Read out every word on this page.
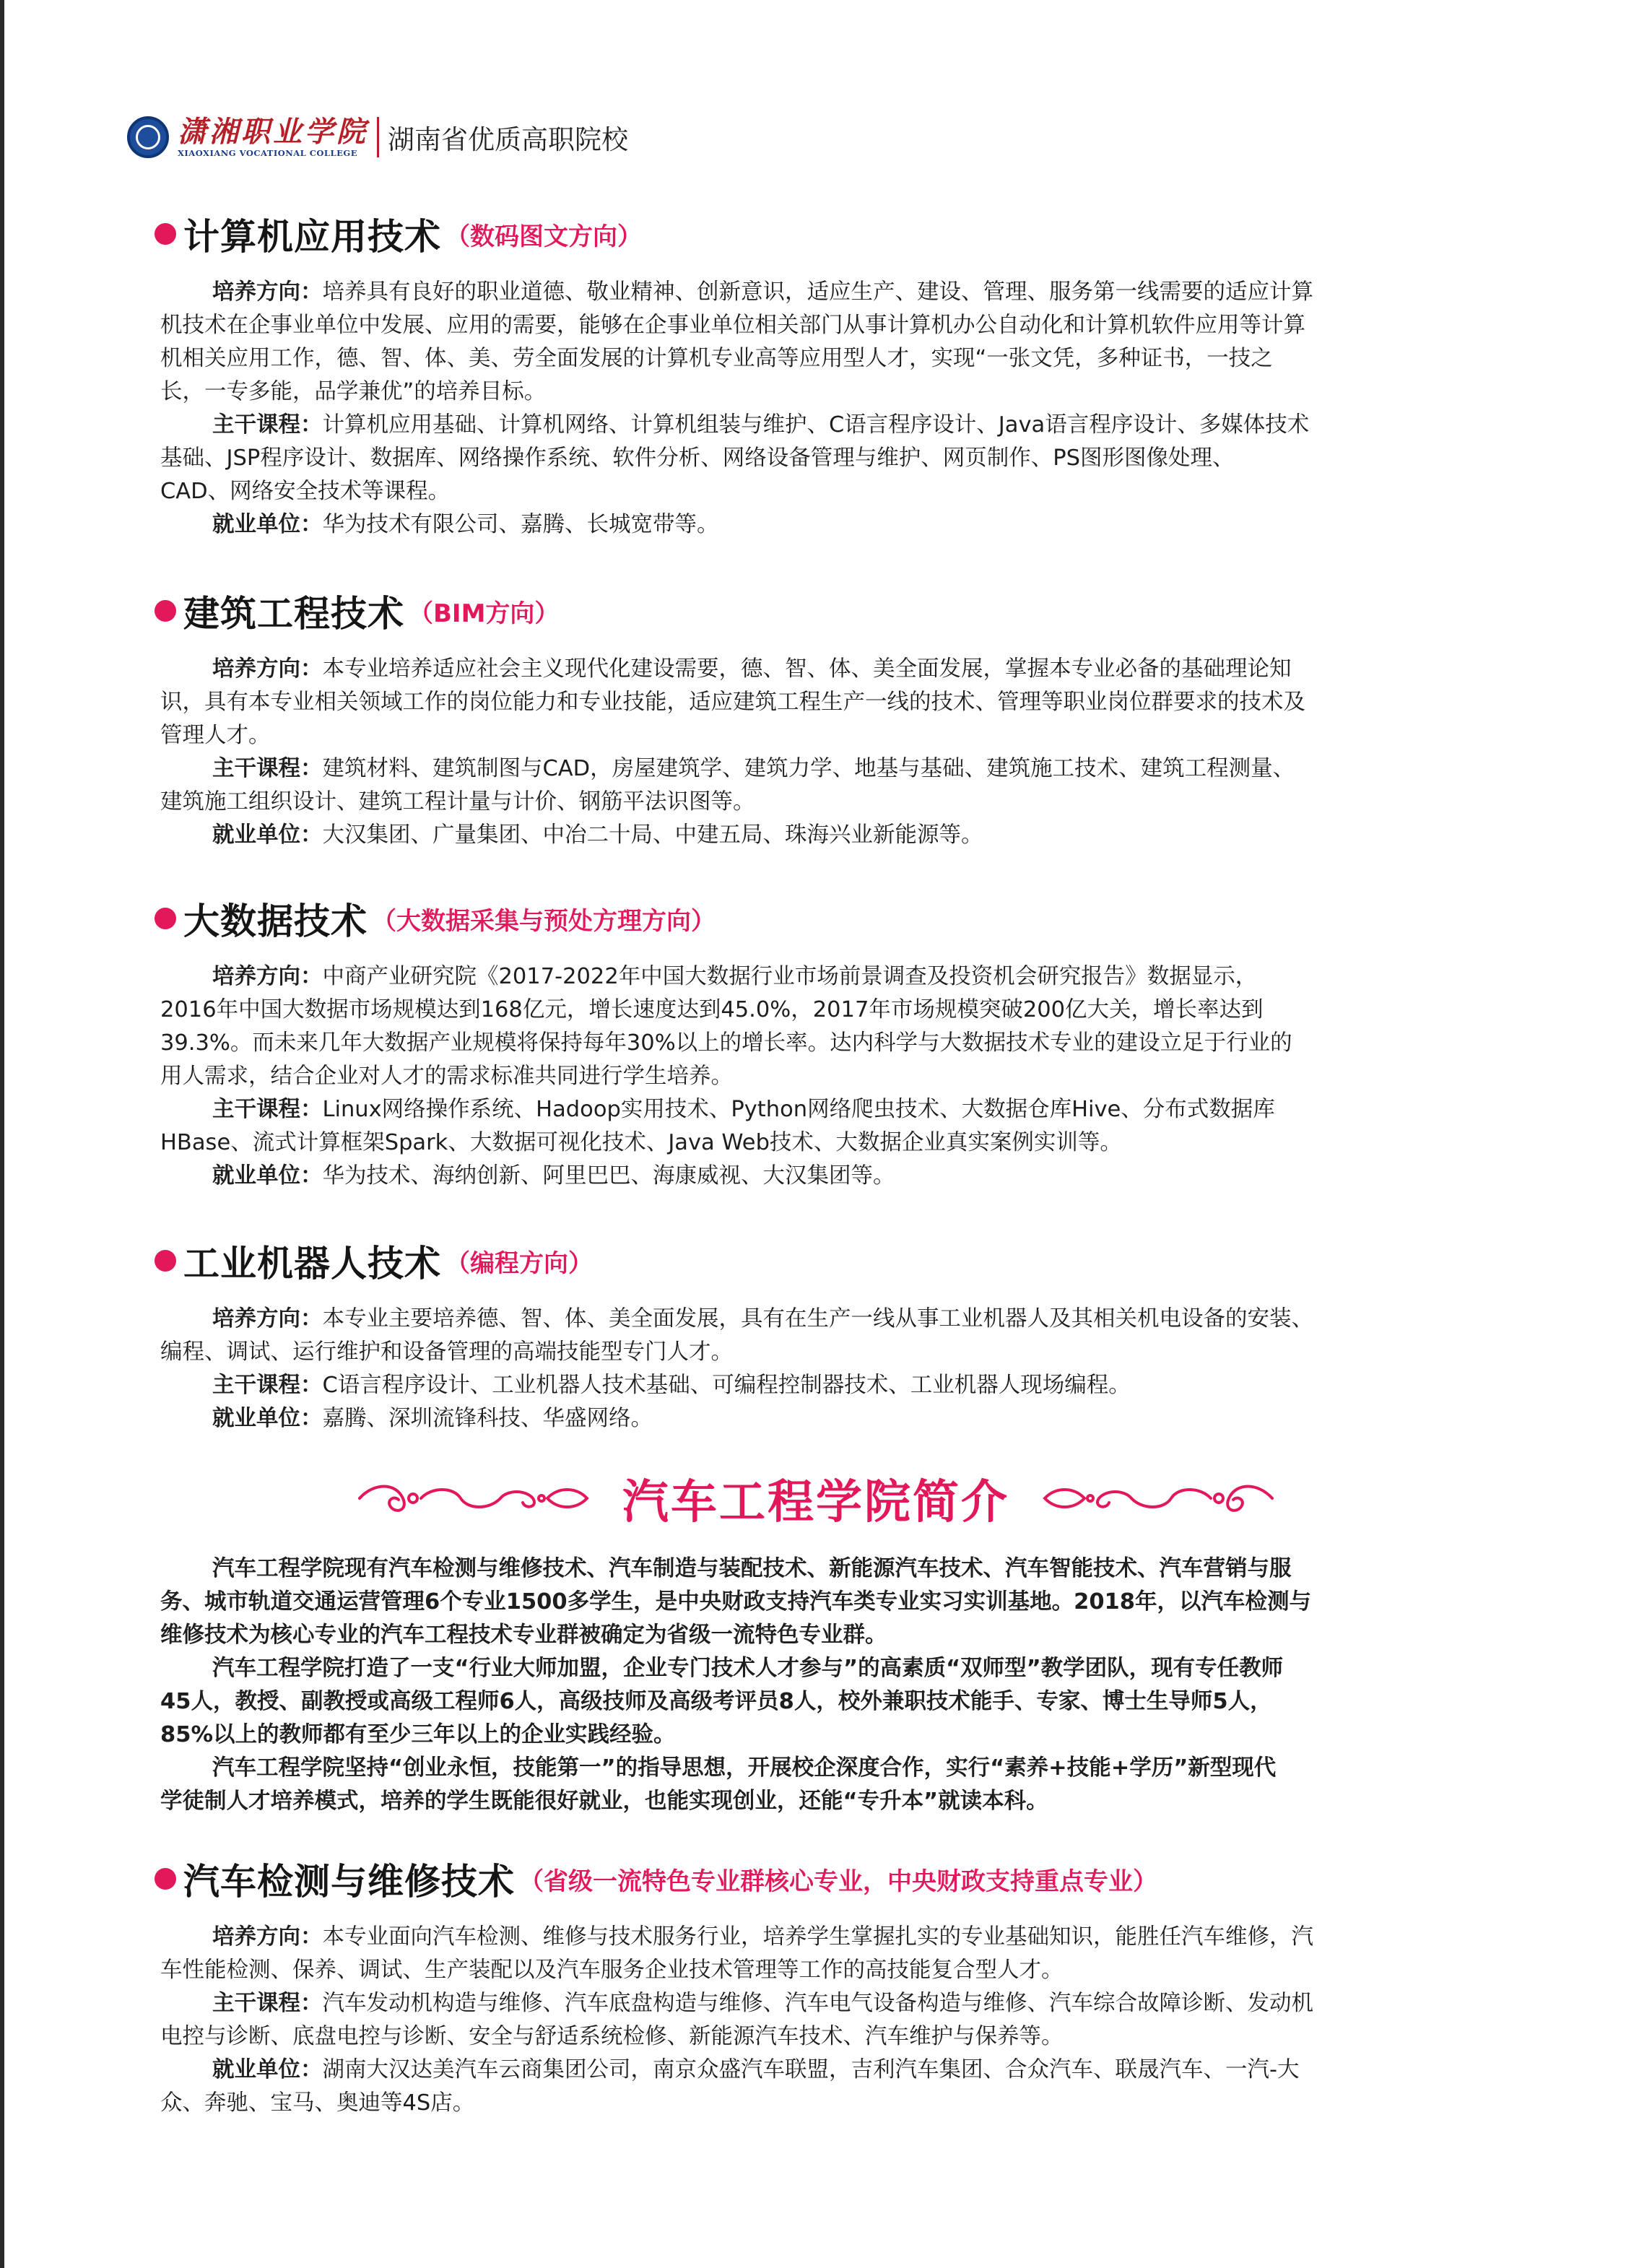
潇湘职业学院
XIAOXIANG VOCATIONAL COLLEGE	湖南省优质高职院校
计算机应用技术 （数码图文方向）
培养方向：培养具有良好的职业道德、敬业精神、创新意识，适应生产、建设、管理、服务第一线需要的适应计算
机技术在企事业单位中发展、应用的需要，能够在企事业单位相关部门从事计算机办公自动化和计算机软件应用等计算
机相关应用工作，德、智、体、美、劳全面发展的计算机专业高等应用型人才，实现“一张文凭，多种证书，一技之
长，一专多能，品学兼优”的培养目标。
主干课程：计算机应用基础、计算机网络、计算机组装与维护、C语言程序设计、Java语言程序设计、多媒体技术
基础、JSP程序设计、数据库、网络操作系统、软件分析、网络设备管理与维护、网页制作、PS图形图像处理、
CAD、网络安全技术等课程。
就业单位：华为技术有限公司、嘉腾、长城宽带等。
建筑工程技术 （BIM方向）
培养方向：本专业培养适应社会主义现代化建设需要，德、智、体、美全面发展，掌握本专业必备的基础理论知
识，具有本专业相关领域工作的岗位能力和专业技能，适应建筑工程生产一线的技术、管理等职业岗位群要求的技术及
管理人才。
主干课程：建筑材料、建筑制图与CAD，房屋建筑学、建筑力学、地基与基础、建筑施工技术、建筑工程测量、
建筑施工组织设计、建筑工程计量与计价、钢筋平法识图等。
就业单位：大汉集团、广量集团、中冶二十局、中建五局、珠海兴业新能源等。
大数据技术 （大数据采集与预处方理方向）
培养方向：中商产业研究院《2017-2022年中国大数据行业市场前景调查及投资机会研究报告》数据显示，
2016年中国大数据市场规模达到168亿元，增长速度达到45.0%，2017年市场规模突破200亿大关，增长率达到
39.3%。而未来几年大数据产业规模将保持每年30%以上的增长率。达内科学与大数据技术专业的建设立足于行业的
用人需求，结合企业对人才的需求标准共同进行学生培养。
主干课程：Linux网络操作系统、Hadoop实用技术、Python网络爬虫技术、大数据仓库Hive、分布式数据库
HBase、流式计算框架Spark、大数据可视化技术、Java Web技术、大数据企业真实案例实训等。
就业单位：华为技术、海纳创新、阿里巴巴、海康威视、大汉集团等。
工业机器人技术 （编程方向）
培养方向：本专业主要培养德、智、体、美全面发展，具有在生产一线从事工业机器人及其相关机电设备的安装、
编程、调试、运行维护和设备管理的高端技能型专门人才。
主干课程：C语言程序设计、工业机器人技术基础、可编程控制器技术、工业机器人现场编程。
就业单位：嘉腾、深圳流锋科技、华盛网络。
汽车工程学院简介
汽车工程学院现有汽车检测与维修技术、汽车制造与装配技术、新能源汽车技术、汽车智能技术、汽车营销与服
务、城市轨道交通运营管理6个专业1500多学生，是中央财政支持汽车类专业实习实训基地。2018年，以汽车检测与
维修技术为核心专业的汽车工程技术专业群被确定为省级一流特色专业群。
汽车工程学院打造了一支“行业大师加盟，企业专门技术人才参与”的高素质“双师型”教学团队，现有专任教师
45人，教授、副教授或高级工程师6人，高级技师及高级考评员8人，校外兼职技术能手、专家、博士生导师5人，
85%以上的教师都有至少三年以上的企业实践经验。
汽车工程学院坚持“创业永恒，技能第一”的指导思想，开展校企深度合作，实行“素养+技能+学历”新型现代
学徒制人才培养模式，培养的学生既能很好就业，也能实现创业，还能“专升本”就读本科。
汽车检测与维修技术 （省级一流特色专业群核心专业，中央财政支持重点专业）
培养方向：本专业面向汽车检测、维修与技术服务行业，培养学生掌握扎实的专业基础知识，能胜任汽车维修，汽
车性能检测、保养、调试、生产装配以及汽车服务企业技术管理等工作的高技能复合型人才。
主干课程：汽车发动机构造与维修、汽车底盘构造与维修、汽车电气设备构造与维修、汽车综合故障诊断、发动机
电控与诊断、底盘电控与诊断、安全与舒适系统检修、新能源汽车技术、汽车维护与保养等。
就业单位：湖南大汉达美汽车云商集团公司，南京众盛汽车联盟，吉利汽车集团、合众汽车、联晟汽车、一汽-大
众、奔驰、宝马、奥迪等4S店。
